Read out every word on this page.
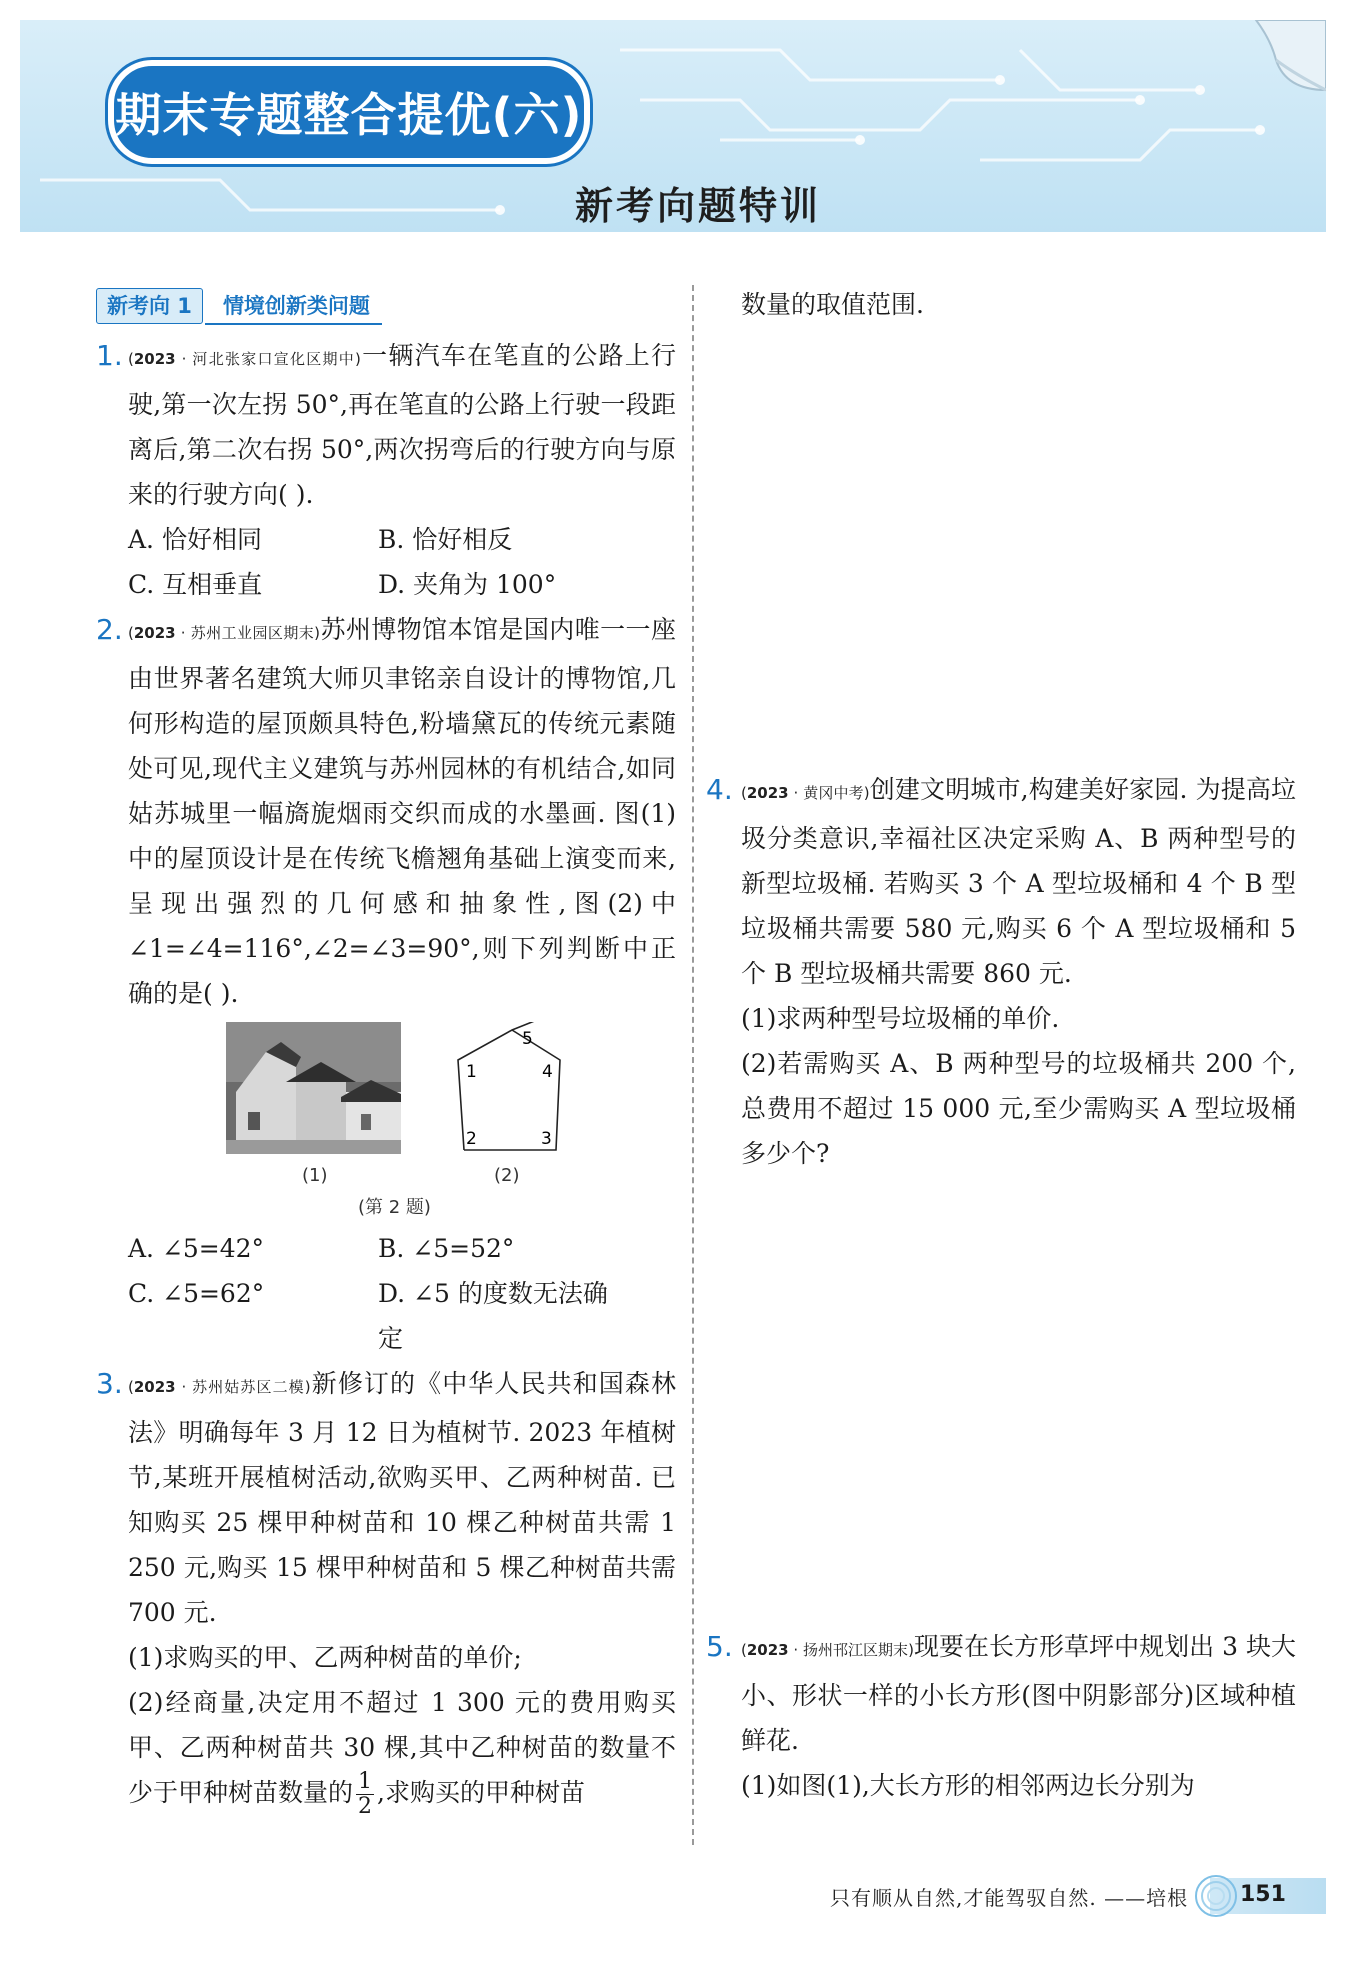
期末专题整合提优(六)
新考向题特训
新考向 1 情境创新类问题
1. (2023 · 河北张家口宣化区期中)一辆汽车在笔直的公路上行驶,第一次左拐 50°,再在笔直的公路上行驶一段距离后,第二次右拐 50°,两次拐弯后的行驶方向与原来的行驶方向( ).
A. 恰好相同	B. 恰好相反
C. 互相垂直	D. 夹角为 100°
2. (2023 · 苏州工业园区期末)苏州博物馆本馆是国内唯一一座由世界著名建筑大师贝聿铭亲自设计的博物馆,几何形构造的屋顶颇具特色,粉墙黛瓦的传统元素随处可见,现代主义建筑与苏州园林的有机结合,如同姑苏城里一幅旖旎烟雨交织而成的水墨画. 图(1)中的屋顶设计是在传统飞檐翘角基础上演变而来,呈现出强烈的几何感和抽象性,图(2)中∠1=∠4=116°,∠2=∠3=90°,则下列判断中正确的是( ).
1
2	3
4
5
(1)	(2)
(第 2 题)
A. ∠5=42°	B. ∠5=52°
C. ∠5=62°	D. ∠5 的度数无法确定
3. (2023 · 苏州姑苏区二模)新修订的《中华人民共和国森林法》明确每年 3 月 12 日为植树节. 2023 年植树节,某班开展植树活动,欲购买甲、乙两种树苗. 已知购买 25 棵甲种树苗和 10 棵乙种树苗共需 1 250 元,购买 15 棵甲种树苗和 5 棵乙种树苗共需 700 元.
(1)求购买的甲、乙两种树苗的单价;
(2)经商量,决定用不超过 1 300 元的费用购买甲、乙两种树苗共 30 棵,其中乙种树苗的数量不少于甲种树苗数量的 $\frac{1}{2}$ ,求购买的甲种树苗
数量的取值范围.
4. (2023 · 黄冈中考)创建文明城市,构建美好家园. 为提高垃圾分类意识,幸福社区决定采购 A、B 两种型号的新型垃圾桶. 若购买 3 个 A 型垃圾桶和 4 个 B 型垃圾桶共需要 580 元,购买 6 个 A 型垃圾桶和 5 个 B 型垃圾桶共需要 860 元.
(1)求两种型号垃圾桶的单价.
(2)若需购买 A、B 两种型号的垃圾桶共 200 个,总费用不超过 15 000 元,至少需购买 A 型垃圾桶多少个?
5. (2023 · 扬州邗江区期末)现要在长方形草坪中规划出 3 块大小、形状一样的小长方形(图中阴影部分)区域种植鲜花.
(1)如图(1),大长方形的相邻两边长分别为
只有顺从自然,才能驾驭自然. ——培根 151
